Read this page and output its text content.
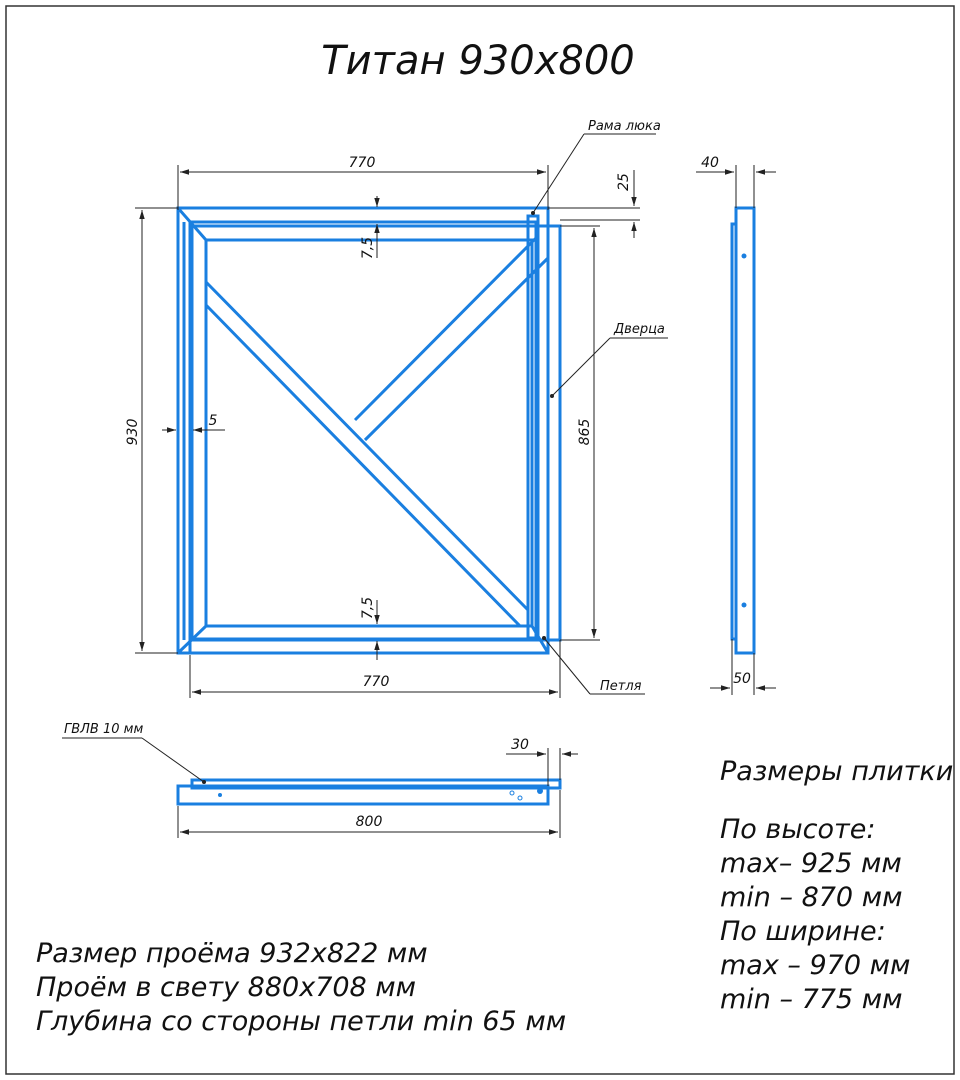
Титан 930x800
770
930	865
25
7,5
7,5
5
770
Рама люка
Дверца
Петля
40
50
ГВЛВ 10 мм
30
800
Размеры плитки
По высоте:
max– 925 мм
min – 870 мм
По ширине:
max – 970 мм
min – 775 мм
Размер проёма 932x822 мм
Проём в свету 880x708 мм
Глубина со стороны петли min 65 мм
